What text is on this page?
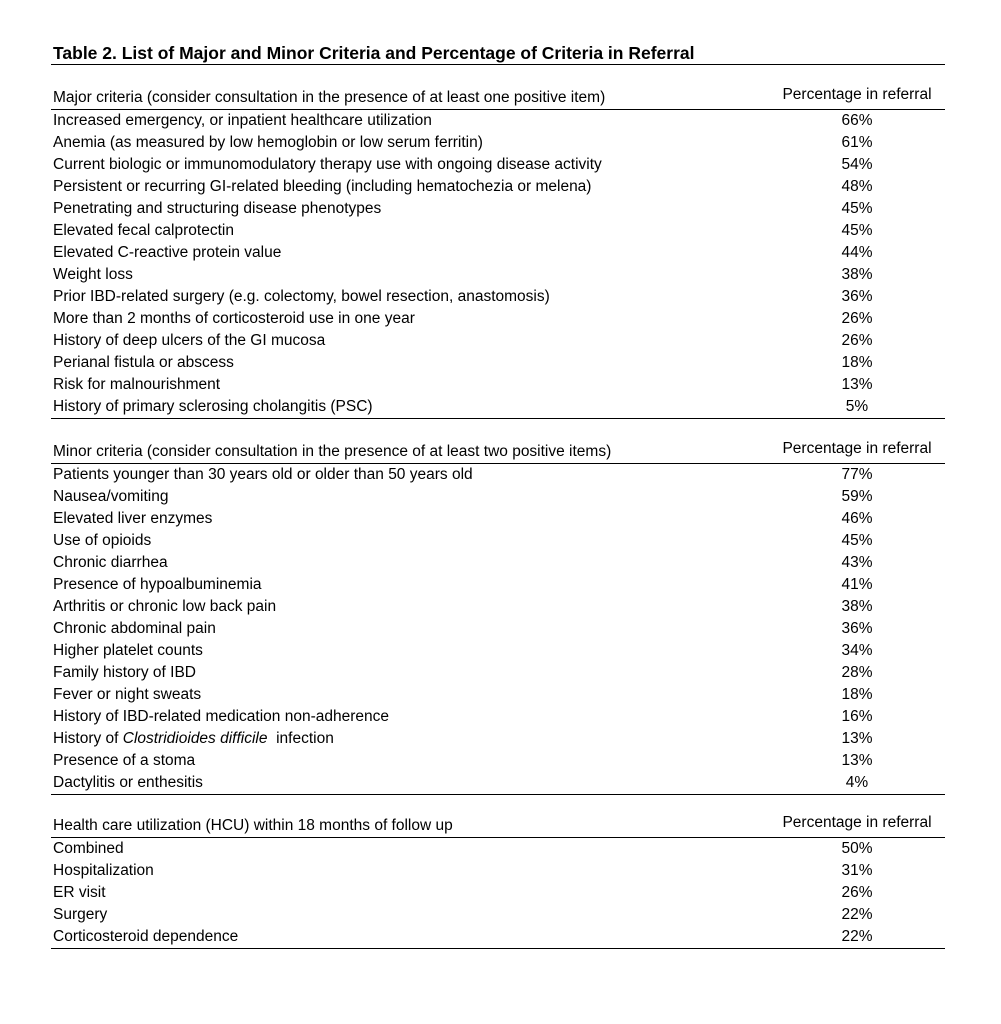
Table 2. List of Major and Minor Criteria and Percentage of Criteria in Referral
Major criteria (consider consultation in the presence of at least one positive item)	Percentage in referral
Increased emergency, or inpatient healthcare utilization	66%
Anemia (as measured by low hemoglobin or low serum ferritin)	61%
Current biologic or immunomodulatory therapy use with ongoing disease activity	54%
Persistent or recurring GI-related bleeding (including hematochezia or melena)	48%
Penetrating and structuring disease phenotypes	45%
Elevated fecal calprotectin	45%
Elevated C-reactive protein value	44%
Weight loss	38%
Prior IBD-related surgery (e.g. colectomy, bowel resection, anastomosis)	36%
More than 2 months of corticosteroid use in one year	26%
History of deep ulcers of the GI mucosa	26%
Perianal fistula or abscess	18%
Risk for malnourishment	13%
History of primary sclerosing cholangitis (PSC)	5%
Minor criteria (consider consultation in the presence of at least two positive items)	Percentage in referral
Patients younger than 30 years old or older than 50 years old	77%
Nausea/vomiting	59%
Elevated liver enzymes	46%
Use of opioids	45%
Chronic diarrhea	43%
Presence of hypoalbuminemia	41%
Arthritis or chronic low back pain	38%
Chronic abdominal pain	36%
Higher platelet counts	34%
Family history of IBD	28%
Fever or night sweats	18%
History of IBD-related medication non-adherence	16%
History of Clostridioides difficile  infection	13%
Presence of a stoma	13%
Dactylitis or enthesitis	4%
Health care utilization (HCU) within 18 months of follow up	Percentage in referral
Combined	50%
Hospitalization	31%
ER visit	26%
Surgery	22%
Corticosteroid dependence	22%
